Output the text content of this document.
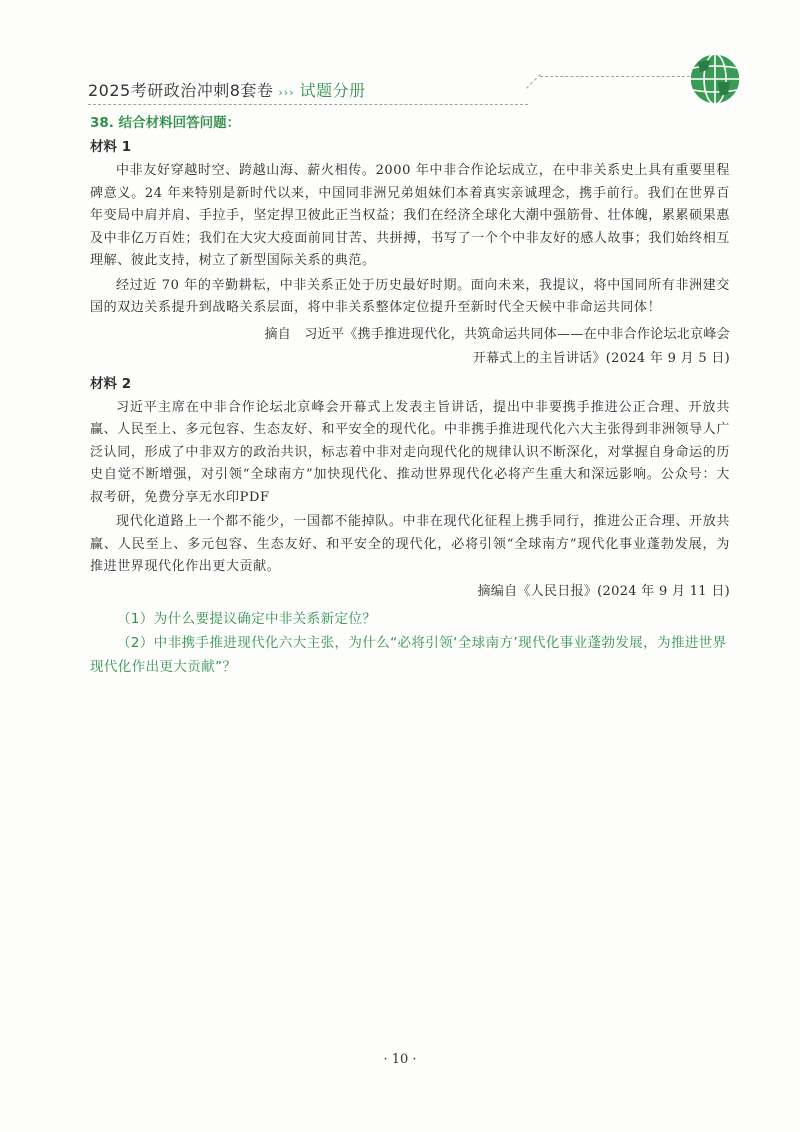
2025考研政治冲刺8套卷 ››› 试题分册

38. 结合材料回答问题：

材料 1

中非友好穿越时空、跨越山海、薪火相传。2000 年中非合作论坛成立，在中非关系史上具有重要里程碑意义。24 年来特别是新时代以来，中国同非洲兄弟姐妹们本着真实亲诚理念，携手前行。我们在世界百年变局中肩并肩、手拉手，坚定捍卫彼此正当权益；我们在经济全球化大潮中强筋骨、壮体魄，累累硕果惠及中非亿万百姓；我们在大灾大疫面前同甘苦、共拼搏，书写了一个个中非友好的感人故事；我们始终相互理解、彼此支持，树立了新型国际关系的典范。

经过近 70 年的辛勤耕耘，中非关系正处于历史最好时期。面向未来，我提议，将中国同所有非洲建交国的双边关系提升到战略关系层面，将中非关系整体定位提升至新时代全天候中非命运共同体！

摘自　习近平《携手推进现代化，共筑命运共同体——在中非合作论坛北京峰会
开幕式上的主旨讲话》(2024 年 9 月 5 日)

材料 2

习近平主席在中非合作论坛北京峰会开幕式上发表主旨讲话，提出中非要携手推进公正合理、开放共赢、人民至上、多元包容、生态友好、和平安全的现代化。中非携手推进现代化六大主张得到非洲领导人广泛认同，形成了中非双方的政治共识，标志着中非对走向现代化的规律认识不断深化，对掌握自身命运的历史自觉不断增强，对引领“全球南方”加快现代化、推动世界现代化必将产生重大和深远影响。公众号：大叔考研，免费分享无水印PDF

现代化道路上一个都不能少，一国都不能掉队。中非在现代化征程上携手同行，推进公正合理、开放共赢、人民至上、多元包容、生态友好、和平安全的现代化，必将引领“全球南方”现代化事业蓬勃发展，为推进世界现代化作出更大贡献。

摘编自《人民日报》(2024 年 9 月 11 日)

（1）为什么要提议确定中非关系新定位？

（2）中非携手推进现代化六大主张，为什么“必将引领‘全球南方’现代化事业蓬勃发展，为推进世界现代化作出更大贡献”？

· 10 ·
